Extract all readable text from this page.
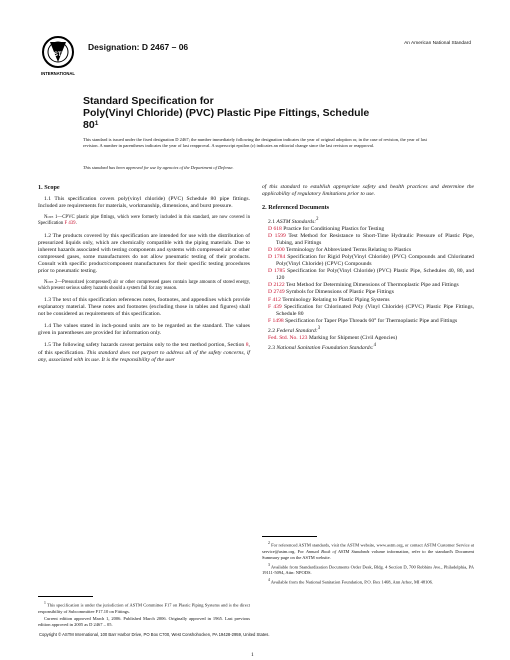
ASTM
INTERNATIONAL
Designation: D 2467 – 06	An American National Standard
Standard Specification for
Poly(Vinyl Chloride) (PVC) Plastic Pipe Fittings, Schedule
$80^1$
This standard is issued under the fixed designation D 2467; the number immediately following the designation indicates the year of original adoption or, in the case of revision, the year of last revision. A number in parentheses indicates the year of last reapproval. A superscript epsilon (ε) indicates an editorial change since the last revision or reapproval.
This standard has been approved for use by agencies of the Department of Defense.
1. Scope

1.1 This specification covers poly(vinyl chloride) (PVC) Schedule 80 pipe fittings. Included are requirements for materials, workmanship, dimensions, and burst pressure.

Note 1—CPVC plastic pipe fittings, which were formerly included in this standard, are now covered in Specification F 439.

1.2 The products covered by this specification are intended for use with the distribution of pressurized liquids only, which are chemically compatible with the piping materials. Due to inherent hazards associated with testing components and systems with compressed air or other compressed gases, some manufacturers do not allow pneumatic testing of their products. Consult with specific product/component manufacturers for their specific testing procedures prior to pneumatic testing.

Note 2—Pressurized (compressed) air or other compressed gases contain large amounts of stored energy, which present serious safety hazards should a system fail for any reason.

1.3 The text of this specification references notes, footnotes, and appendixes which provide explanatory material. These notes and footnotes (excluding those in tables and figures) shall not be considered as requirements of this specification.

1.4 The values stated in inch-pound units are to be regarded as the standard. The values given in parentheses are provided for information only.

1.5 The following safety hazards caveat pertains only to the test method portion, Section 8, of this specification. This standard does not purport to address all of the safety concerns, if any, associated with its use. It is the responsibility of the user

of this standard to establish appropriate safety and health practices and determine the applicability of regulatory limitations prior to use.

2. Referenced Documents
2.1 ASTM Standards:$^2$
D 618 Practice for Conditioning Plastics for Testing
D 1599 Test Method for Resistance to Short-Time Hydraulic Pressure of Plastic Pipe, Tubing, and Fittings
D 1600 Terminology for Abbreviated Terms Relating to Plastics
D 1784 Specification for Rigid Poly(Vinyl Chloride) (PVC) Compounds and Chlorinated Poly(Vinyl Chloride) (CPVC) Compounds
D 1785 Specification for Poly(Vinyl Chloride) (PVC) Plastic Pipe, Schedules 40, 80, and 120
D 2122 Test Method for Determining Dimensions of Thermoplastic Pipe and Fittings
D 2749 Symbols for Dimensions of Plastic Pipe Fittings
F 412 Terminology Relating to Plastic Piping Systems
F 439 Specification for Chlorinated Poly (Vinyl Chloride) (CPVC) Plastic Pipe Fittings, Schedule 80
F 1498 Specification for Taper Pipe Threads 60° for Thermoplastic Pipe and Fittings
2.2 Federal Standard:$^3$
Fed. Std. No. 123 Marking for Shipment (Civil Agencies)
2.3 National Sanitation Foundation Standards:$^4$
$^2$ For referenced ASTM standards, visit the ASTM website, www.astm.org, or contact ASTM Customer Service at service@astm.org. For Annual Book of ASTM Standards volume information, refer to the standard's Document Summary page on the ASTM website.
$^3$ Available from Standardization Documents Order Desk, Bldg. 4 Section D, 700 Robbins Ave., Philadelphia, PA 19111-5094, Attn: NPODS.
$^4$ Available from the National Sanitation Foundation, P.O. Box 1468, Ann Arbor, MI 48106.
$^1$ This specification is under the jurisdiction of ASTM Committee F17 on Plastic Piping Systems and is the direct responsibility of Subcommittee F17.10 on Fittings.
Current edition approved March 1, 2006. Published March 2006. Originally approved in 1965. Last previous edition approved in 2005 as D 2467 – 05.
Copyright © ASTM International, 100 Barr Harbor Drive, PO Box C700, West Conshohocken, PA 19428-2959, United States.
1
